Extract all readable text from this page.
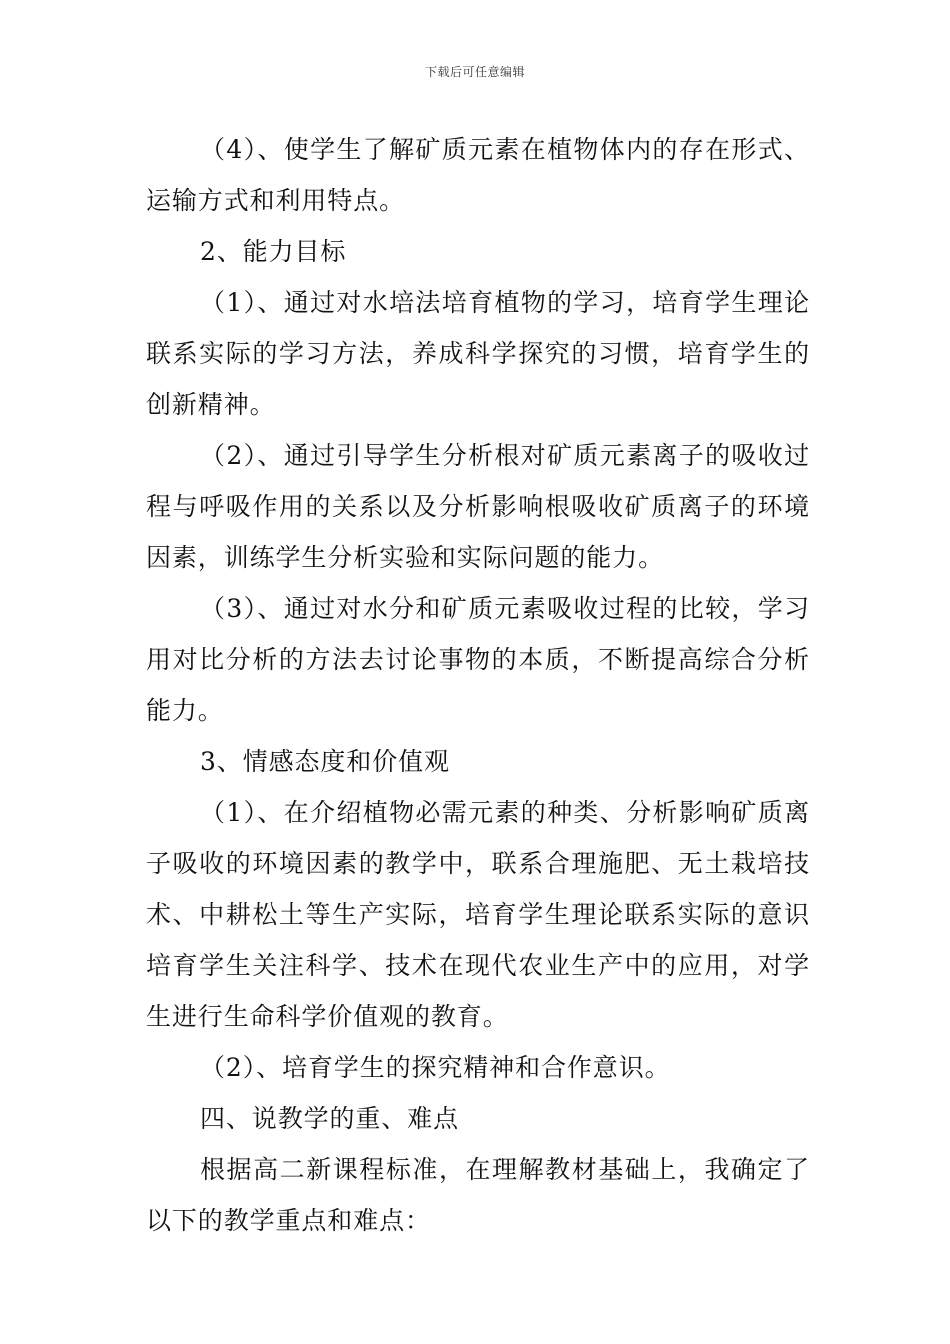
下载后可任意编辑

（4）、使学生了解矿质元素在植物体内的存在形式、运输方式和利用特点。

2、能力目标

（1）、通过对水培法培育植物的学习，培育学生理论联系实际的学习方法，养成科学探究的习惯，培育学生的创新精神。

（2）、通过引导学生分析根对矿质元素离子的吸收过程与呼吸作用的关系以及分析影响根吸收矿质离子的环境因素，训练学生分析实验和实际问题的能力。

（3）、通过对水分和矿质元素吸收过程的比较，学习用对比分析的方法去讨论事物的本质，不断提高综合分析能力。

3、情感态度和价值观

（1）、在介绍植物必需元素的种类、分析影响矿质离子吸收的环境因素的教学中，联系合理施肥、无土栽培技术、中耕松土等生产实际，培育学生理论联系实际的意识培育学生关注科学、技术在现代农业生产中的应用，对学生进行生命科学价值观的教育。

（2）、培育学生的探究精神和合作意识。

四、说教学的重、难点

根据高二新课程标准，在理解教材基础上，我确定了以下的教学重点和难点：
